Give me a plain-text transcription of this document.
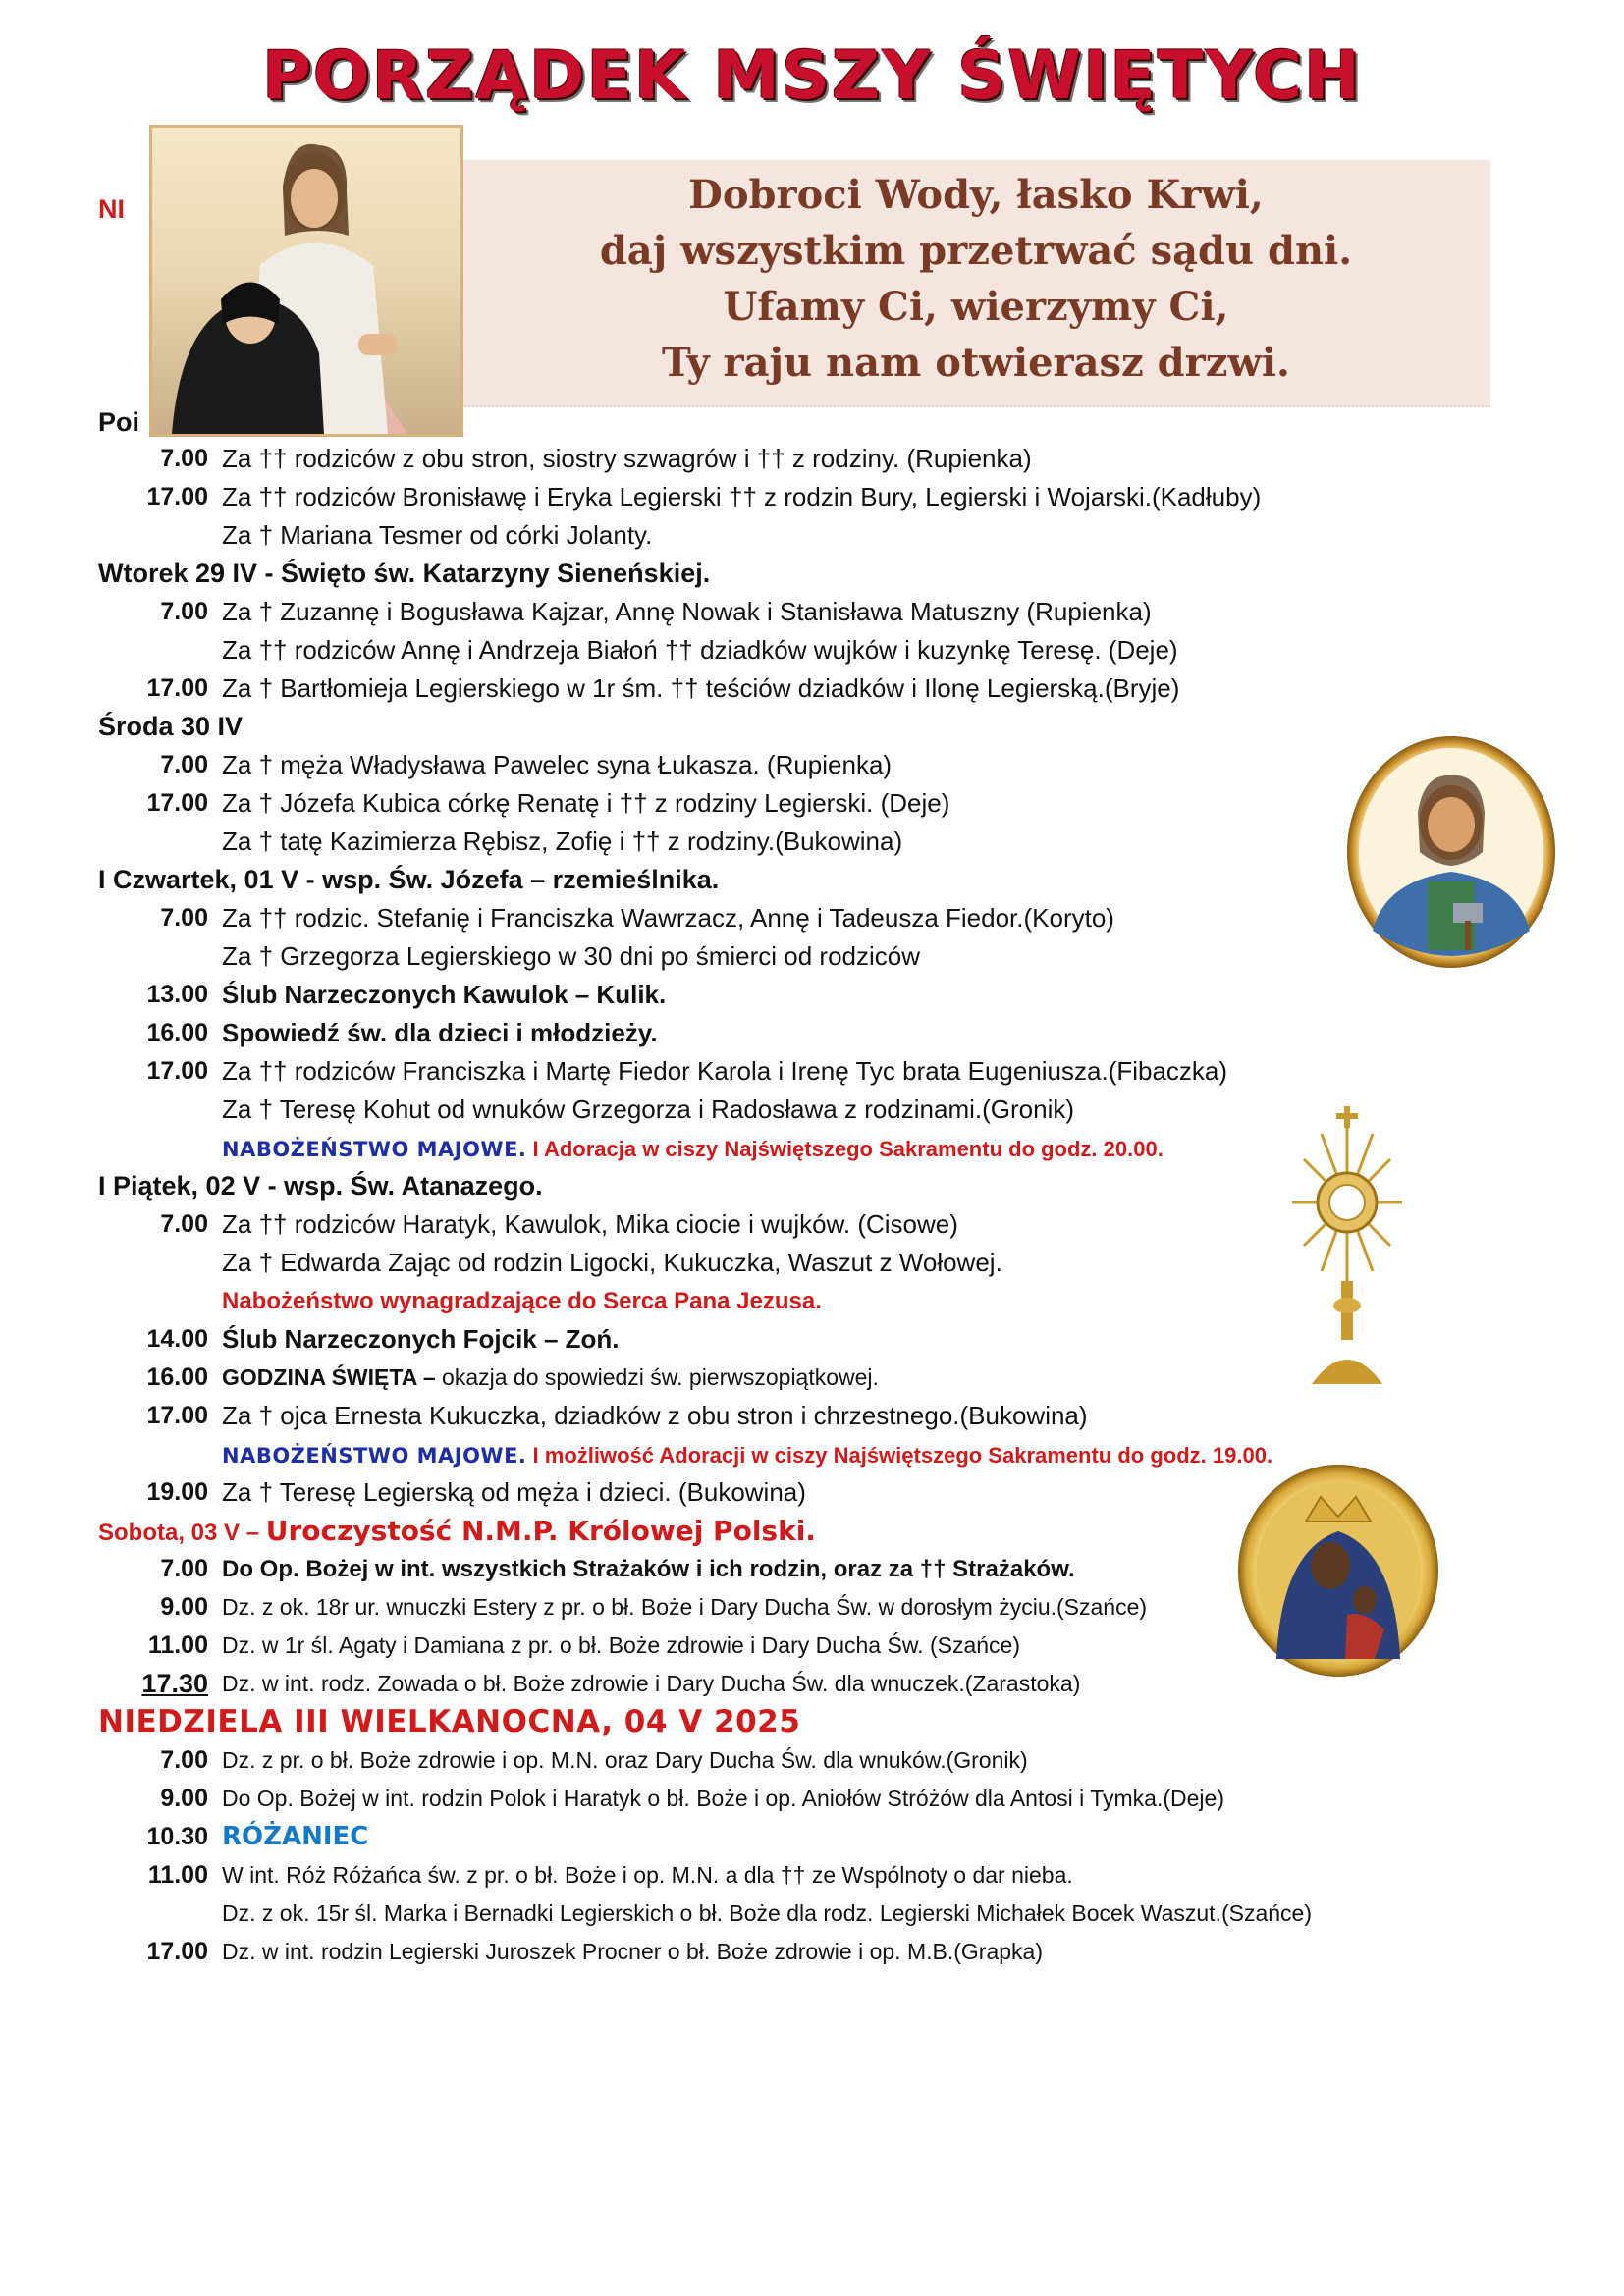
PORZĄDEK MSZY ŚWIĘTYCH
NI
Poi
Dobroci Wody, łasko Krwi,
daj wszystkim przetrwać sądu dni.
Ufamy Ci, wierzymy Ci,
Ty raju nam otwierasz drzwi.
7.00 Za †† rodziców z obu stron, siostry szwagrów i †† z rodziny. (Rupienka)
17.00 Za †† rodziców Bronisławę i Eryka Legierski †† z rodzin Bury, Legierski i Wojarski.(Kadłuby)
Za † Mariana Tesmer od córki Jolanty.
Wtorek 29 IV - Święto św. Katarzyny Sieneńskiej.
7.00 Za † Zuzannę i Bogusława Kajzar, Annę Nowak i Stanisława Matuszny (Rupienka)
Za †† rodziców Annę i Andrzeja Białoń †† dziadków wujków i kuzynkę Teresę. (Deje)
17.00 Za † Bartłomieja Legierskiego w 1r śm. †† teściów dziadków i Ilonę Legierską.(Bryje)
Środa 30 IV
7.00 Za † męża Władysława Pawelec syna Łukasza. (Rupienka)
17.00 Za † Józefa Kubica córkę Renatę i †† z rodziny Legierski. (Deje)
Za † tatę Kazimierza Rębisz, Zofię i †† z rodziny.(Bukowina)
I Czwartek, 01 V - wsp. Św. Józefa – rzemieślnika.
7.00 Za †† rodzic. Stefanię i Franciszka Wawrzacz, Annę i Tadeusza Fiedor.(Koryto)
Za † Grzegorza Legierskiego w 30 dni po śmierci od rodziców
13.00 Ślub Narzeczonych Kawulok – Kulik.
16.00 Spowiedź św. dla dzieci i młodzieży.
17.00 Za †† rodziców Franciszka i Martę Fiedor Karola i Irenę Tyc brata Eugeniusza.(Fibaczka)
Za † Teresę Kohut od wnuków Grzegorza i Radosława z rodzinami.(Gronik)
NABOŻEŃSTWO MAJOWE. I Adoracja w ciszy Najświętszego Sakramentu do godz. 20.00.
I Piątek, 02 V - wsp. Św. Atanazego.
7.00 Za †† rodziców Haratyk, Kawulok, Mika ciocie i wujków. (Cisowe)
Za † Edwarda Zając od rodzin Ligocki, Kukuczka, Waszut z Wołowej.
Nabożeństwo wynagradzające do Serca Pana Jezusa.
14.00 Ślub Narzeczonych Fojcik – Zoń.
16.00 GODZINA ŚWIĘTA – okazja do spowiedzi św. pierwszopiątkowej.
17.00 Za † ojca Ernesta Kukuczka, dziadków z obu stron i chrzestnego.(Bukowina)
NABOŻEŃSTWO MAJOWE. I możliwość Adoracji w ciszy Najświętszego Sakramentu do godz. 19.00.
19.00 Za † Teresę Legierską od męża i dzieci. (Bukowina)
Sobota, 03 V – Uroczystość N.M.P. Królowej Polski.
7.00 Do Op. Bożej w int. wszystkich Strażaków i ich rodzin, oraz za †† Strażaków.
9.00 Dz. z ok. 18r ur. wnuczki Estery z pr. o bł. Boże i Dary Ducha Św. w dorosłym życiu.(Szańce)
11.00 Dz. w 1r śl. Agaty i Damiana z pr. o bł. Boże zdrowie i Dary Ducha Św. (Szańce)
17.30 Dz. w int. rodz. Zowada o bł. Boże zdrowie i Dary Ducha Św. dla wnuczek.(Zarastoka)
NIEDZIELA III WIELKANOCNA, 04 V 2025
7.00 Dz. z pr. o bł. Boże zdrowie i op. M.N. oraz Dary Ducha Św. dla wnuków.(Gronik)
9.00 Do Op. Bożej w int. rodzin Polok i Haratyk o bł. Boże i op. Aniołów Stróżów dla Antosi i Tymka.(Deje)
10.30 RÓŻANIEC
11.00 W int. Róż Różańca św. z pr. o bł. Boże i op. M.N. a dla †† ze Wspólnoty o dar nieba.
Dz. z ok. 15r śl. Marka i Bernadki Legierskich o bł. Boże dla rodz. Legierski Michałek Bocek Waszut.(Szańce)
17.00 Dz. w int. rodzin Legierski Juroszek Procner o bł. Boże zdrowie i op. M.B.(Grapka)
